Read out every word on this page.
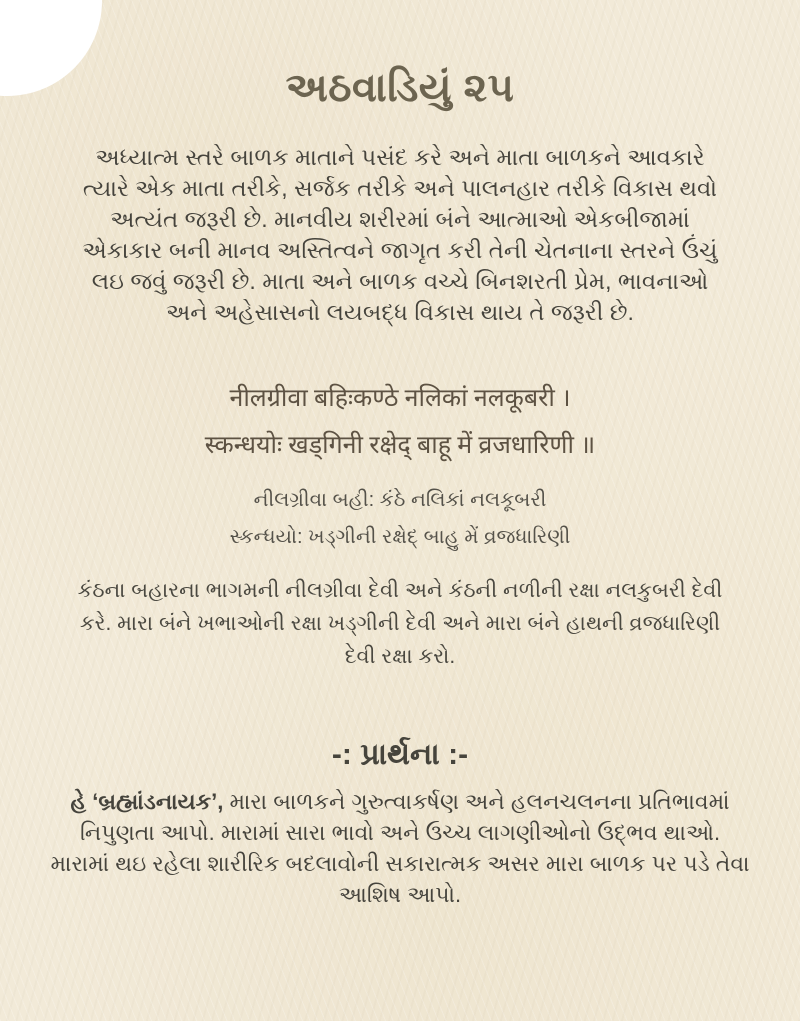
અઠવાડિયું ૨૫

અધ્યાત્મ સ્તરે બાળક માતાને પસંદ કરે અને માતા બાળકને આવકારે ત્યારે એક માતા તરીકે, સર્જક તરીકે અને પાલનહાર તરીકે વિકાસ થવો અત્યંત જરૂરી છે. માનવીય શરીરમાં બંને આત્માઓ એકબીજામાં એકાકાર બની માનવ અસ્તિત્વને જાગૃત કરી તેની ચેતનાના સ્તરને ઉંચું લઇ જવું જરૂરી છે. માતા અને બાળક વચ્ચે બિનશરતી પ્રેમ, ભાવનાઓ અને અહેસાસનો લયબદ્ધ વિકાસ થાય તે જરૂરી છે.

नीलग्रीवा बहिःकण्ठे नलिकां नलकूबरी ।
स्कन्धयोः खड्गिनी रक्षेद् बाहू में व्रजधारिणी ॥
નીલગ્રીવા બહી: કંઠે નલિકાં નલકૂબરી
સ્કન્ધયો: ખડ્ગીની રક્ષેદ્ બાહુ મેં વ્રજધારિણી

કંઠના બહારના ભાગમની નીલગ્રીવા દેવી અને કંઠની નળીની રક્ષા નલકુબરી દેવી કરે. મારા બંને ખભાઓની રક્ષા ખડ્ગીની દેવી અને મારા બંને હાથની વ્રજધારિણી દેવી રક્ષા કરો.

-: પ્રાર્થના :-

હે ‘બ્રહ્માંડનાયક’, મારા બાળકને ગુરુત્વાકર્ષણ અને હલનચલનના પ્રતિભાવમાં નિપુણતા આપો. મારામાં સારા ભાવો અને ઉચ્ચ લાગણીઓનો ઉદ્ભવ થાઓ. મારામાં થઇ રહેલા શારીરિક બદલાવોની સકારાત્મક અસર મારા બાળક પર પડે તેવા આશિષ આપો.
